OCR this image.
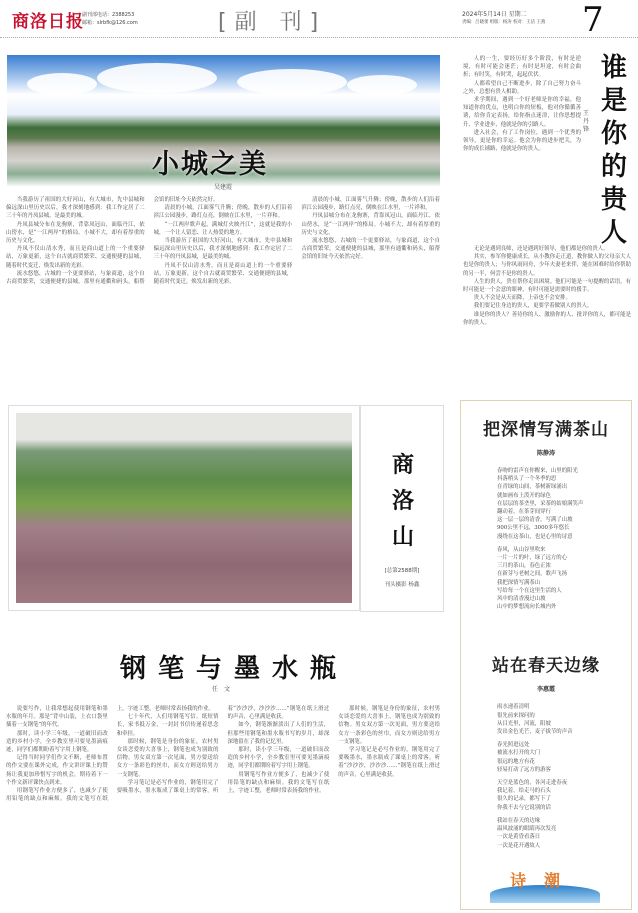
商洛日报
副刊部电话：2388253
邮箱：slrbfk@126.com	[副 刊]	2024年5月14日 星期二
责编：吕晓蕾 组版：杨涛 校对：王洁 王燕	7
小城之美
吴建霞

当我游历了祖国的大好河山，有大城市，先中县城和偏远深山里历史以后，我才深刻地感到：我工作定居了二三十年的丹凤县城，是最美的城。

丹凤县城分布在龙驹寨，背靠凤冠山，面临丹江，依山傍水，是“一江两岸”的格局。小城不大，却有着厚重的历史与文化。

丹凤不仅山清水秀，而且是商山道上的一个重要驿站，万象更新，这个自古就商贸繁荣、交通便捷的县城，随着时代变迁，焕发出新的光彩。

流水悠悠，古城的一个更要驿站，与象商道，这个自古商贸繁荣，交通便捷的县城，那里有通衢和码头，船帮会馆的旧址今天依然完好。

清晨的小城，江面雾气升腾；傍晚，散步的人们沿着滨江公园漫步，路灯点亮，倒映在江水里，一片祥和。

“一江两岸歌声起，满城灯火映丹江”，这就是我的小城，一个让人留恋、让人热爱的地方。

当我游历了祖国的大好河山，有大城市，先中县城和偏远深山里历史以后，我才深刻地感到：我工作定居了二三十年的丹凤县城，是最美的城。

丹凤不仅山清水秀，而且是商山道上的一个重要驿站，万象更新，这个自古就商贸繁荣、交通便捷的县城，随着时代变迁，焕发出新的光彩。

清晨的小城，江面雾气升腾；傍晚，散步的人们沿着滨江公园漫步，路灯点亮，倒映在江水里，一片祥和。

丹凤县城分布在龙驹寨，背靠凤冠山，面临丹江，依山傍水，是“一江两岸”的格局。小城不大，却有着厚重的历史与文化。

流水悠悠，古城的一个更要驿站，与象商道，这个自古商贸繁荣，交通便捷的县城，那里有通衢和码头，船帮会馆的旧址今天依然完好。

谁是你的贵人
王丹锋

人的一生，要经历好多个阶段，有时是逆境，有时可能会迷茫；有时是坦途，有时会曲折；有时笑，有时哭，起起伏伏。

人都希望自己不断进步，除了自己努力奋斗之外，总想有贵人相助。

求学期间，遇到一个好老师是你的幸福，他知道你的优点，也明白你的短板，他对你循循善诱，给你肯定表扬，给你指点迷津，让你思想提升、学业进步，他就是你的引路人。

进入社会，有了工作岗位，遇到一个优秀的领导，更是你的幸运。他会为你的进步把关，为你的成长铺路，他就是你的贵人。

无论是遇到良师，还是遇到好领导，他们都是你的贵人。

其实，参军你健康成长，从小教你走正道，教你做人的父母亲大人也是你的贵人；与你风雨同舟，少年夫妻老来伴，能在困难时给你帮助的另一半，何尝不是你的贵人。

人生的贵人，贵在帮你走出困境。他们可能是一句提醒的话语，有时可能是一个会意的眼神，有时可能是需要时的援手。

贵人不会是从天而降，上帝也不会安排。

我们要记住身边的贵人，更要学着做别人的贵人。

谁是你的贵人？善待你的人、激励你的人、批评你的人，都可能是你的贵人。

商洛山
[总第2588期]
刊头摄影 杨鑫
把深情写满茶山
陈静涛

春吻的雷声在你醒来，山里的阳光
抖落梢头了一个冬季的思
在青绿的山间，茶树新绿涌出
就如画布上泼开的绿色
在层层的茶垄里，采茶的姑娘满笑声
翻动着，在茶芽间穿行
这一层一层的清香，写满了山坡
900公里不远，3000多年悠长
漫绕在这茶山，也是心里的诗意

春风，从山谷里吹来
一片一片的叶，绿了远方的心
三月的茶山，春色正浓
在新芽与老树之间，歌声飞扬
我把深情写满茶山
写给每一个在这里生活的人
风中的清香漫过山坡
山中的梦想流向长城内外

站在春天边缘
李惠霞

雨水递着清明
很先前来探问的
从目光里，河流，阳坡
发出金色光芒，麦子拔节的声音

春光照进远处
被流水打开的大门
很远的地方有花
轻易打动了远方的游客

天空是蓝色的，各河走进春夜
我记着，给走马的石头
很久的记录，都写下了
你我不去与它说别的话

我站在春天的边缘
温风波涌的眼睛再次发亮
一次是黄昏看落日
一次是花开遇故人

诗潮
钢笔与墨水瓶
任文

说要写作，让我常想起使用钢笔和墨水瓶的年月。那是“背中山装，上衣口袋里插着一支钢笔”的年代。

那时，读小学三年级，一道破旧而改造的乡村小学，全乡教室里可要见墨滴痕迹，同学们都期盼着写字用上钢笔。

记得当时同学们作文不断，老师布置的作文要在课外完成，作文讲评课上的赞扬让我更加珍惜写字的机会，期待着下一个作文新评课快点到来。

用钢笔写作业方便多了，也减少了使用铅笔的缺点和麻烦。我的文笔写在纸上，字迹工整，老师时常表扬我的作业。

七十年代，人们用钢笔写信。纸短情长，家书抵万金，一封封书信传递着思念和牵挂。

那时候，钢笔是身份的象征，农村男女谈恋爱的大喜事上，钢笔也成为别致的信物。男女双方第一次见面，男方要送给女方一条彩色的丝巾，而女方则送给男方一支钢笔。

学习笔记是必写作业的，钢笔用完了要吸墨水，墨水瓶成了课桌上的常客。听着“沙沙沙，沙沙沙……”钢笔在纸上滑过的声音，心里满是收获。

如今，钢笔渐渐淡出了人们的生活，但那些用钢笔和墨水瓶书写的岁月，却深深地留在了我的记忆里。

那时，读小学三年级，一道破旧而改造的乡村小学，全乡教室里可要见墨滴痕迹，同学们都期盼着写字用上钢笔。

用钢笔写作业方便多了，也减少了使用铅笔的缺点和麻烦。我的文笔写在纸上，字迹工整，老师时常表扬我的作业。

那时候，钢笔是身份的象征，农村男女谈恋爱的大喜事上，钢笔也成为别致的信物。男女双方第一次见面，男方要送给女方一条彩色的丝巾，而女方则送给男方一支钢笔。

学习笔记是必写作业的，钢笔用完了要吸墨水，墨水瓶成了课桌上的常客。听着“沙沙沙，沙沙沙……”钢笔在纸上滑过的声音，心里满是收获。
